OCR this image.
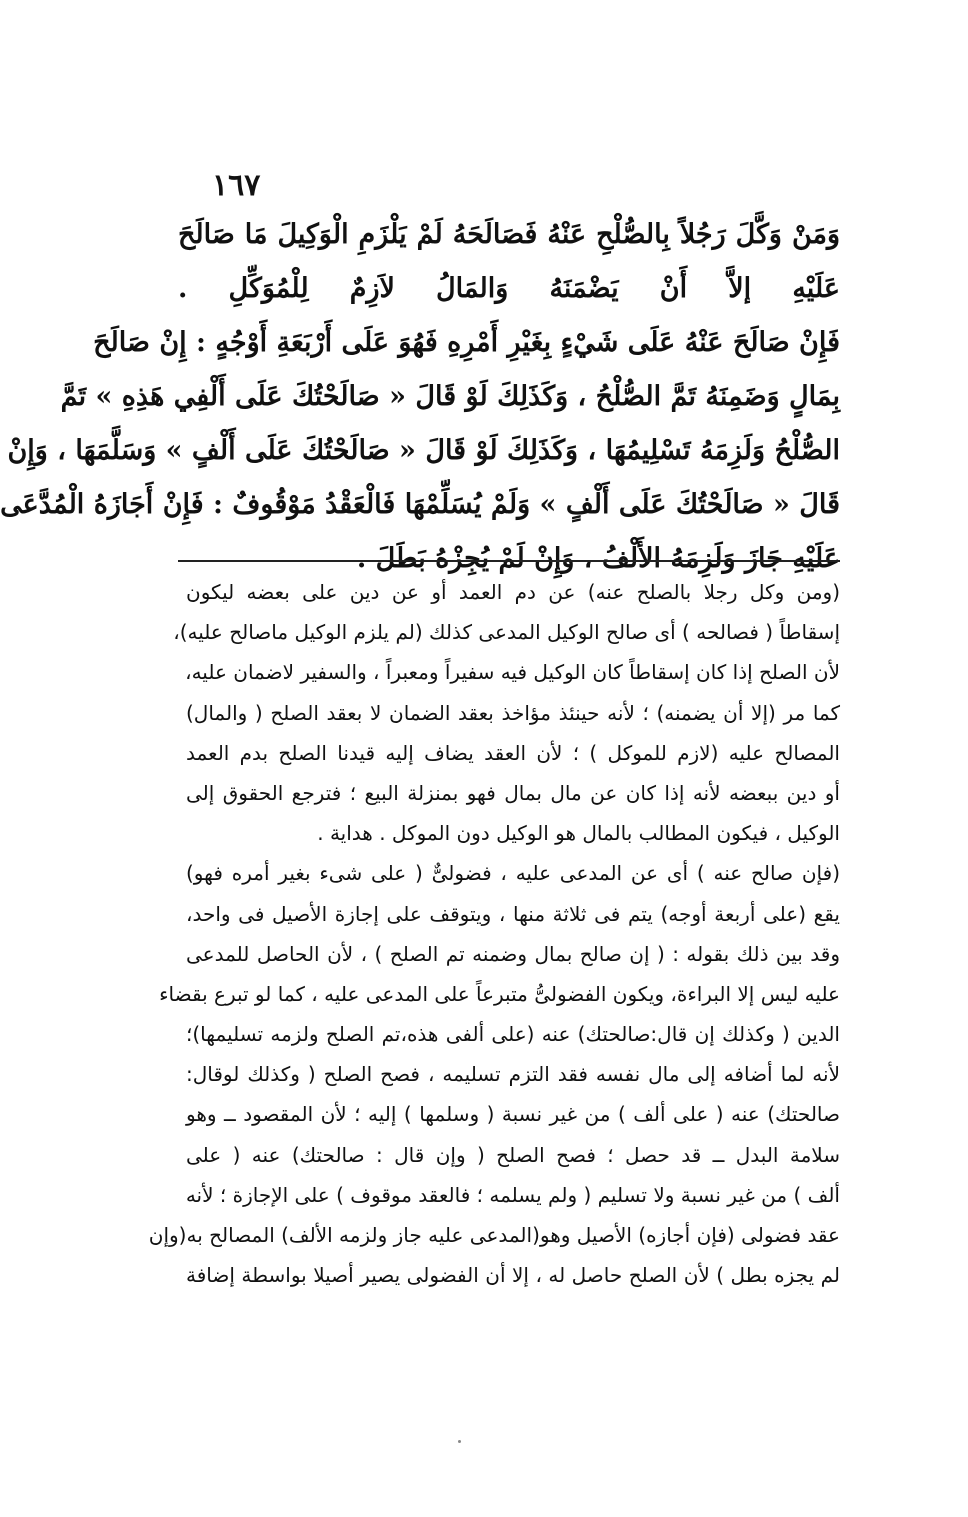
١٦٧
وَمَنْ وَكَّلَ رَجُلاً بِالصُّلْحِ عَنْهُ فَصَالَحَهُ لَمْ يَلْزَمِ الْوَكِيلَ مَا صَالَحَ
عَلَيْهِ إلاَّ أَنْ يَضْمَنَهُ وَالمَالُ لاَزِمٌ لِلْمُوَكِّلِ .
فَإِنْ صَالَحَ عَنْهُ عَلَى شَيْءٍ بِغَيْرِ أَمْرِهِ فَهُوَ عَلَى أَرْبَعَةِ أَوْجُهٍ : إِنْ صَالَحَ
بِمَالٍ وَضَمِنَهُ تَمَّ الصُّلْحُ ، وَكَذَلِكَ لَوْ قَالَ « صَالَحْتُكَ عَلَى أَلْفِي هَذِهِ » تَمَّ
الصُّلْحُ وَلَزِمَهُ تَسْلِيمُهَا ، وَكَذَلِكَ لَوْ قَالَ « صَالَحْتُكَ عَلَى أَلْفٍ » وَسَلَّمَهَا ، وَإِنْ
قَالَ « صَالَحْتُكَ عَلَى أَلْفٍ » وَلَمْ يُسَلِّمْهَا فَالْعَقْدُ مَوْقُوفٌ : فَإِنْ أَجَازَهُ الْمُدَّعَى
عَلَيْهِ جَازَ وَلَزِمَهُ الأَلْفُ ، وَإِنْ لَمْ يُجِزْهُ بَطَلَ .
(ومن وكل رجلا بالصلح عنه) عن دم العمد أو عن دين على بعضه ليكون
إسقاطاً ( فصالحه ) أى صالح الوكيل المدعى كذلك (لم يلزم الوكيل ماصالح عليه)،
لأن الصلح إذا كان إسقاطاً كان الوكيل فيه سفيراً ومعبراً ، والسفير لاضمان عليه،
كما مر (إلا أن يضمنه) ؛ لأنه حينئذ مؤاخذ بعقد الضمان لا بعقد الصلح ( والمال)
المصالح عليه (لازم للموكل ) ؛ لأن العقد يضاف إليه قيدنا الصلح بدم العمد
أو دين ببعضه لأنه إذا كان عن مال بمال فهو بمنزلة البيع ؛ فترجع الحقوق إلى
الوكيل ، فيكون المطالب بالمال هو الوكيل دون الموكل . هداية .
(فإن صالح عنه ) أى عن المدعى عليه ، فضولىٌّ ( على شىء بغير أمره فهو)
يقع (على أربعة أوجه) يتم فى ثلاثة منها ، ويتوقف على إجازة الأصيل فى واحد،
وقد بين ذلك بقوله : ( إن صالح بمال وضمنه تم الصلح ) ، لأن الحاصل للمدعى
عليه ليس إلا البراءة، ويكون الفضولىُّ متبرعاً على المدعى عليه ، كما لو تبرع بقضاء
الدين ( وكذلك إن قال:صالحتك) عنه (على ألفى هذه،تم الصلح ولزمه تسليمها)؛
لأنه لما أضافه إلى مال نفسه فقد التزم تسليمه ، فصح الصلح ( وكذلك لوقال:
صالحتك) عنه ( على ألف ) من غير نسبة ( وسلمها ) إليه ؛ لأن المقصود ــ وهو
سلامة البدل ــ قد حصل ؛ فصح الصلح ( وإن قال : صالحتك) عنه ( على
ألف ) من غير نسبة ولا تسليم ( ولم يسلمه ؛ فالعقد موقوف ) على الإجازة ؛ لأنه
عقد فضولى (فإن أجازه) الأصيل وهو(المدعى عليه جاز ولزمه الألف) المصالح به(وإن
لم يجزه بطل ) لأن الصلح حاصل له ، إلا أن الفضولى يصير أصيلا بواسطة إضافة
